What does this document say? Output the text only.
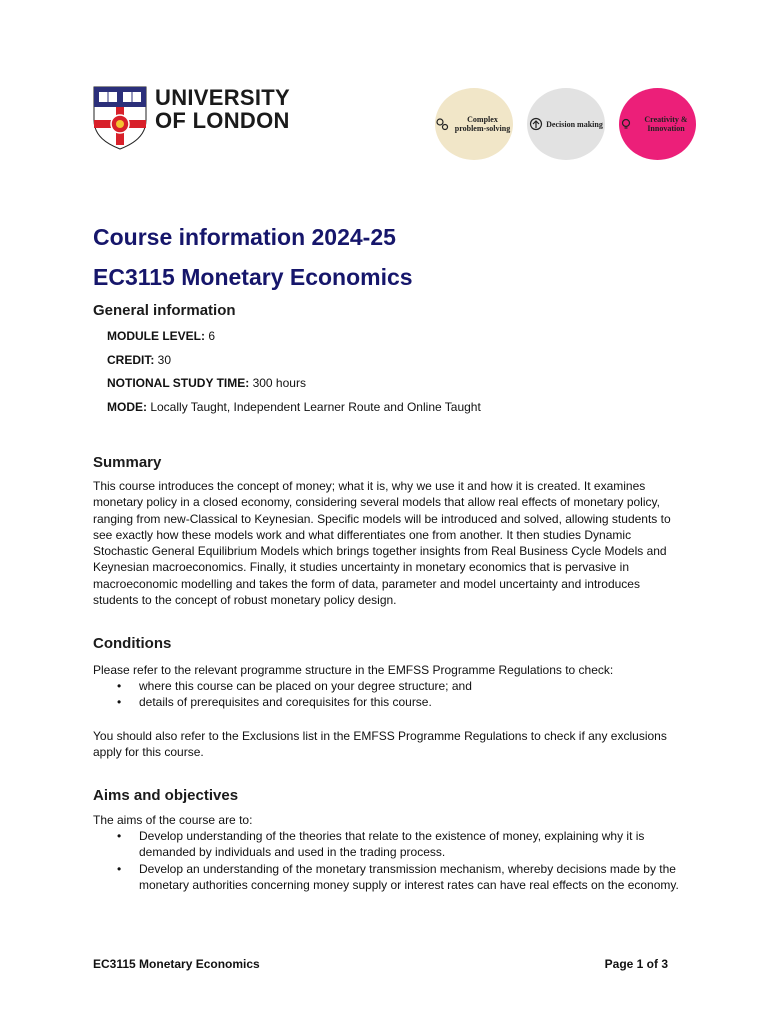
UNIVERSITY
OF LONDON	Complex problem-solving	Decision making	Creativity & Innovation
Course information 2024-25
EC3115 Monetary Economics
General information
MODULE LEVEL: 6
CREDIT: 30
NOTIONAL STUDY TIME: 300 hours
MODE: Locally Taught, Independent Learner Route and Online Taught
Summary
This course introduces the concept of money; what it is, why we use it and how it is created. It examines monetary policy in a closed economy, considering several models that allow real effects of monetary policy, ranging from new-Classical to Keynesian. Specific models will be introduced and solved, allowing students to see exactly how these models work and what differentiates one from another. It then studies Dynamic Stochastic General Equilibrium Models which brings together insights from Real Business Cycle Models and Keynesian macroeconomics. Finally, it studies uncertainty in monetary economics that is pervasive in macroeconomic modelling and takes the form of data, parameter and model uncertainty and introduces students to the concept of robust monetary policy design.
Conditions
Please refer to the relevant programme structure in the EMFSS Programme Regulations to check:
• where this course can be placed on your degree structure; and
• details of prerequisites and corequisites for this course.
You should also refer to the Exclusions list in the EMFSS Programme Regulations to check if any exclusions apply for this course.
Aims and objectives
The aims of the course are to:
• Develop understanding of the theories that relate to the existence of money, explaining why it is demanded by individuals and used in the trading process.
• Develop an understanding of the monetary transmission mechanism, whereby decisions made by the monetary authorities concerning money supply or interest rates can have real effects on the economy.
EC3115 Monetary Economics	Page 1 of 3
